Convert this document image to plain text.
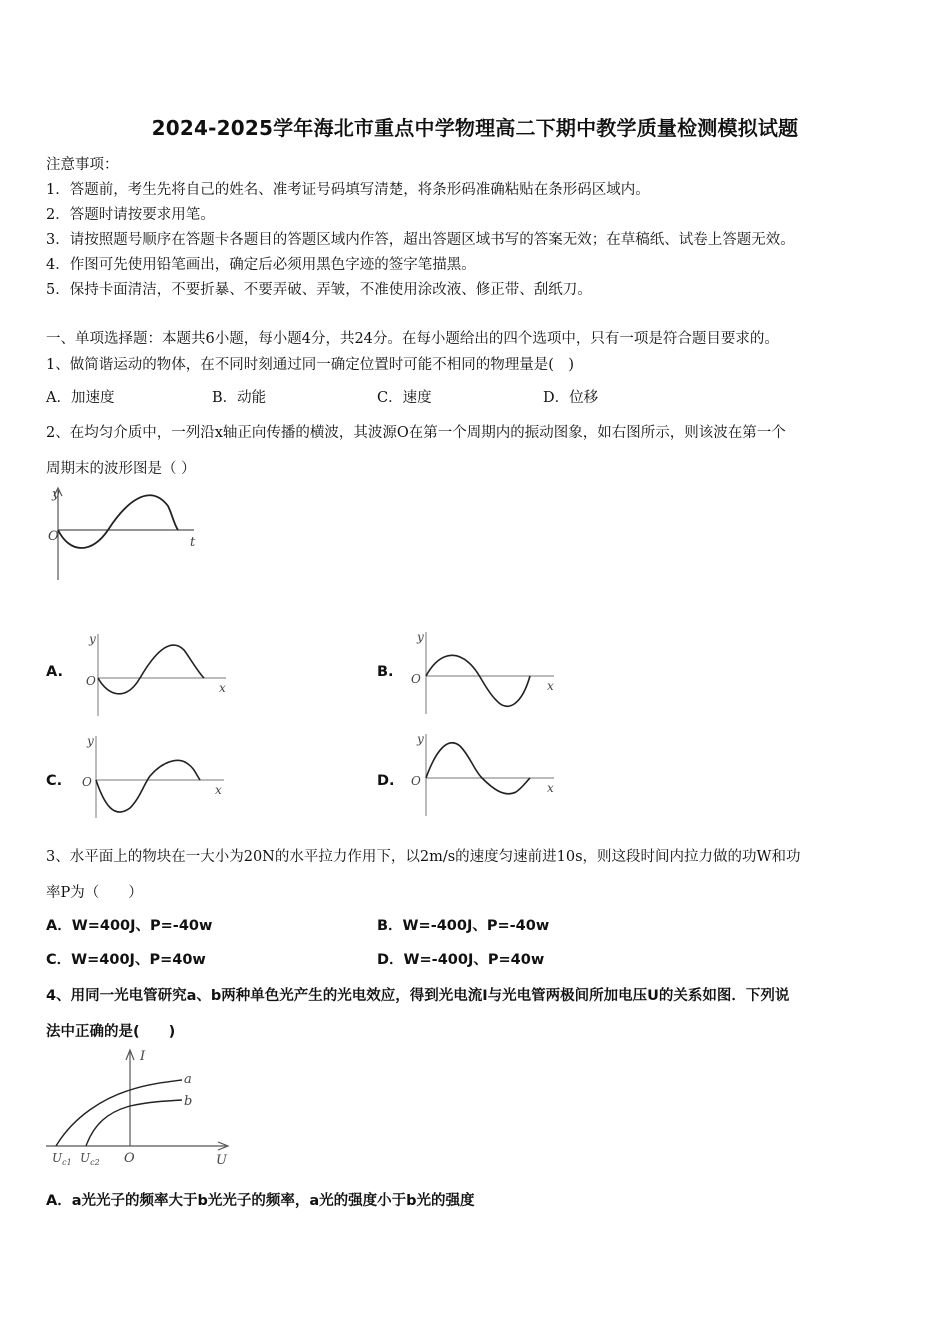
2024-2025学年海北市重点中学物理高二下期中教学质量检测模拟试题
注意事项：
1．答题前，考生先将自己的姓名、准考证号码填写清楚，将条形码准确粘贴在条形码区域内。
2．答题时请按要求用笔。
3．请按照题号顺序在答题卡各题目的答题区域内作答，超出答题区域书写的答案无效；在草稿纸、试卷上答题无效。
4．作图可先使用铅笔画出，确定后必须用黑色字迹的签字笔描黑。
5．保持卡面清洁，不要折暴、不要弄破、弄皱，不准使用涂改液、修正带、刮纸刀。
一、单项选择题：本题共6小题，每小题4分，共24分。在每小题给出的四个选项中，只有一项是符合题目要求的。
1、做简谐运动的物体，在不同时刻通过同一确定位置时可能不相同的物理量是(　)
A．加速度	B．动能	C．速度	D．位移
2、在均匀介质中，一列沿x轴正向传播的横波，其波源O在第一个周期内的振动图象，如右图所示，则该波在第一个
周期末的波形图是（ ）
y
O	t
A.
y
O	x
B.
y
O	x
C.
y
O
x
D.
y
O	x
3、水平面上的物块在一大小为20N的水平拉力作用下，以2m/s的速度匀速前进10s，则这段时间内拉力做的功W和功
率P为（　　）
A．W=400J、P=-40w	B．W=-400J、P=-40w
C．W=400J、P=40w	D．W=-400J、P=40w
4、用同一光电管研究a、b两种单色光产生的光电效应，得到光电流I与光电管两极间所加电压U的关系如图．下列说
法中正确的是(　　)
I
a
b
O	U
$U_{c1}$ $U_{c2}$
A．a光光子的频率大于b光光子的频率，a光的强度小于b光的强度
